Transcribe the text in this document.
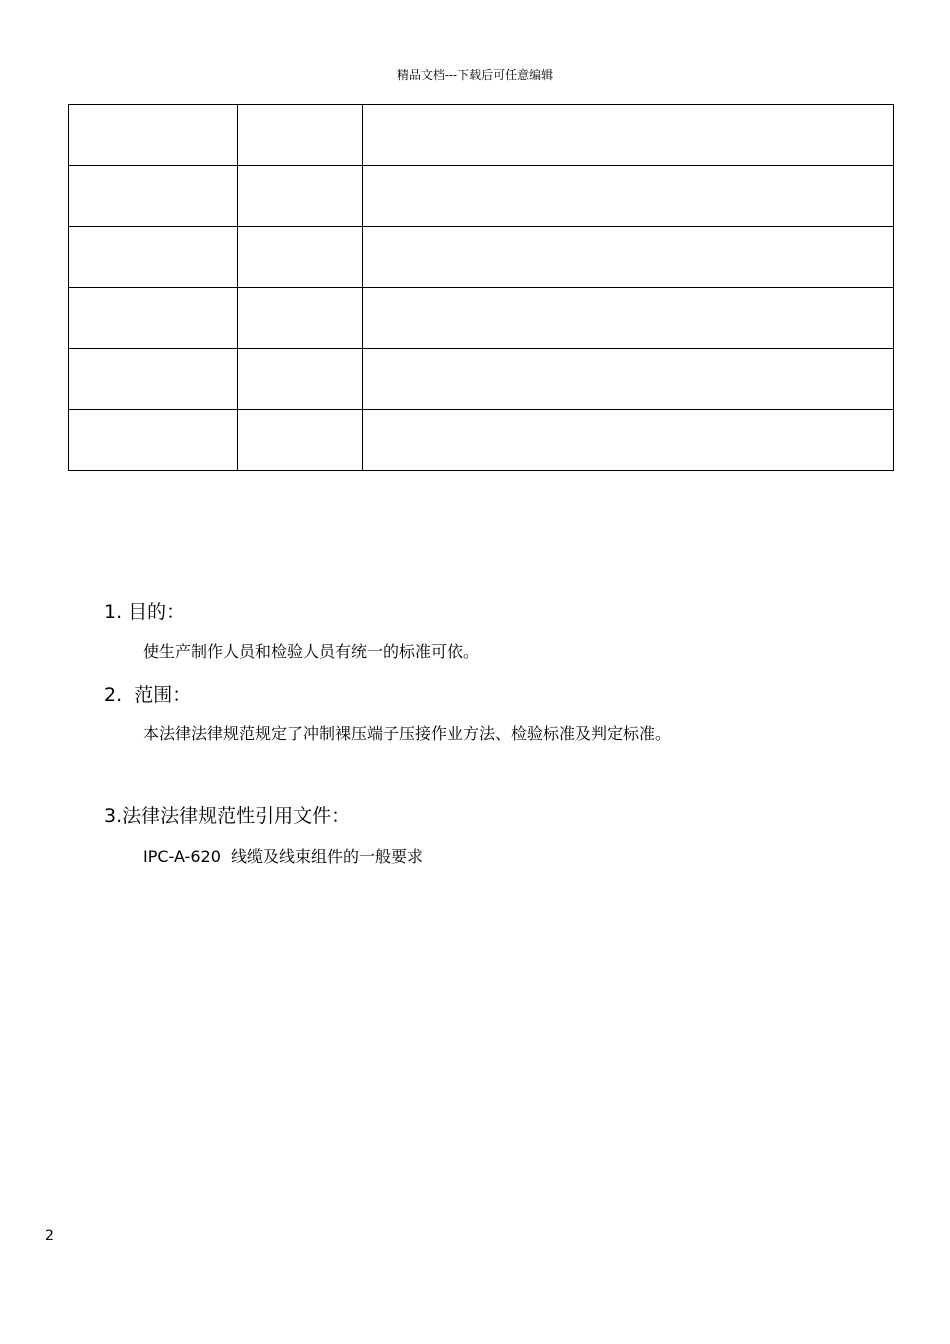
精品文档---下载后可任意编辑

1. 目的：
使生产制作人员和检验人员有统一的标准可依。
2.  范围：
本法律法律规范规定了冲制裸压端子压接作业方法、检验标准及判定标准。
3.法律法律规范性引用文件：
IPC-A-620  线缆及线束组件的一般要求
2
